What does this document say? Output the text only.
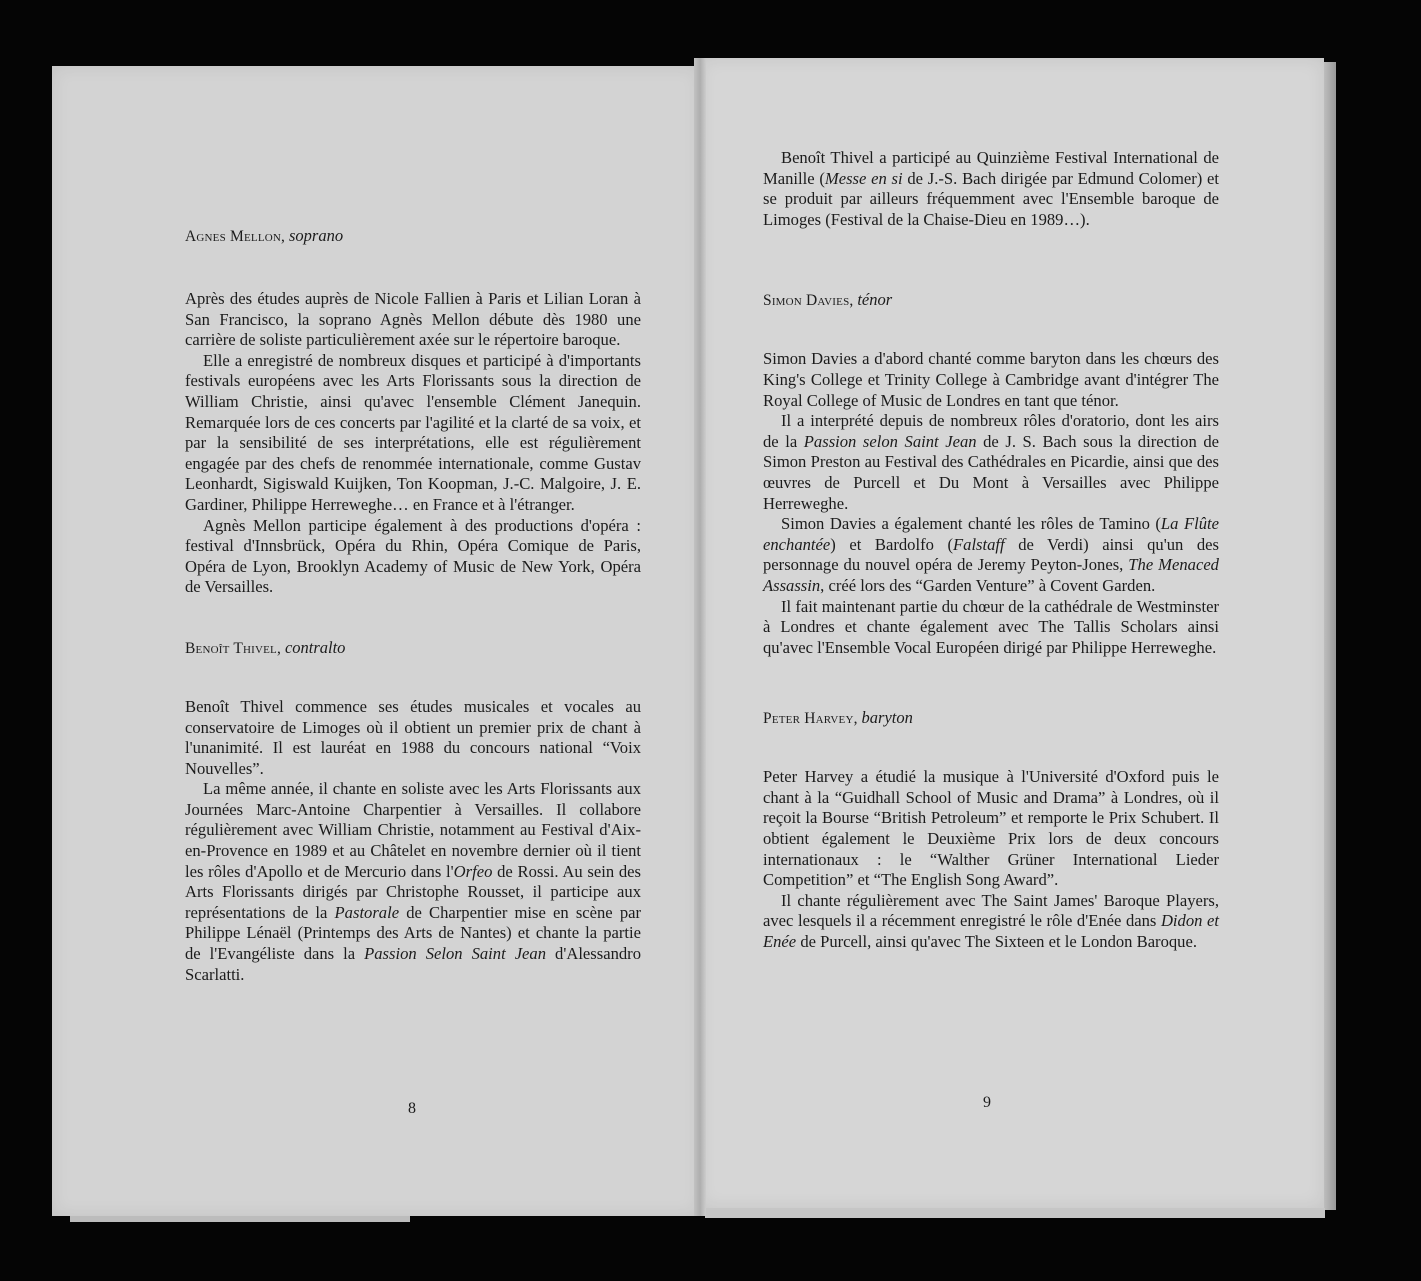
Agnes Mellon, soprano

Après des études auprès de Nicole Fallien à Paris et Lilian Loran à San Francisco, la soprano Agnès Mellon débute dès 1980 une carrière de soliste particulièrement axée sur le répertoire baroque.

Elle a enregistré de nombreux disques et participé à d'importants festivals européens avec les Arts Florissants sous la direction de William Christie, ainsi qu'avec l'ensemble Clément Janequin. Remarquée lors de ces concerts par l'agilité et la clarté de sa voix, et par la sensibilité de ses interprétations, elle est régulièrement engagée par des chefs de renommée internationale, comme Gustav Leonhardt, Sigiswald Kuijken, Ton Koopman, J.-C. Malgoire, J. E. Gardiner, Philippe Herreweghe… en France et à l'étranger.

Agnès Mellon participe également à des productions d'opéra : festival d'Innsbrück, Opéra du Rhin, Opéra Comique de Paris, Opéra de Lyon, Brooklyn Academy of Music de New York, Opéra de Versailles.

Benoît Thivel, contralto

Benoît Thivel commence ses études musicales et vocales au conservatoire de Limoges où il obtient un premier prix de chant à l'unanimité. Il est lauréat en 1988 du concours national “Voix Nouvelles”.

La même année, il chante en soliste avec les Arts Florissants aux Journées Marc-Antoine Charpentier à Versailles. Il collabore régulièrement avec William Christie, notamment au Festival d'Aix-en-Provence en 1989 et au Châtelet en novembre dernier où il tient les rôles d'Apollo et de Mercurio dans l'Orfeo de Rossi. Au sein des Arts Florissants dirigés par Christophe Rousset, il participe aux représentations de la Pastorale de Charpentier mise en scène par Philippe Lénaël (Printemps des Arts de Nantes) et chante la partie de l'Evangéliste dans la Passion Selon Saint Jean d'Alessandro Scarlatti.

8

Benoît Thivel a participé au Quinzième Festival International de Manille (Messe en si de J.-S. Bach dirigée par Edmund Colomer) et se produit par ailleurs fréquemment avec l'Ensemble baroque de Limoges (Festival de la Chaise-Dieu en 1989…).

Simon Davies, ténor

Simon Davies a d'abord chanté comme baryton dans les chœurs des King's College et Trinity College à Cambridge avant d'intégrer The Royal College of Music de Londres en tant que ténor.

Il a interprété depuis de nombreux rôles d'oratorio, dont les airs de la Passion selon Saint Jean de J. S. Bach sous la direction de Simon Preston au Festival des Cathédrales en Picardie, ainsi que des œuvres de Purcell et Du Mont à Versailles avec Philippe Herreweghe.

Simon Davies a également chanté les rôles de Tamino (La Flûte enchantée) et Bardolfo (Falstaff de Verdi) ainsi qu'un des personnage du nouvel opéra de Jeremy Peyton-Jones, The Menaced Assassin, créé lors des “Garden Venture” à Covent Garden.

Il fait maintenant partie du chœur de la cathédrale de Westminster à Londres et chante également avec The Tallis Scholars ainsi qu'avec l'Ensemble Vocal Européen dirigé par Philippe Herreweghe.

Peter Harvey, baryton

Peter Harvey a étudié la musique à l'Université d'Oxford puis le chant à la “Guidhall School of Music and Drama” à Londres, où il reçoit la Bourse “British Petroleum” et remporte le Prix Schubert. Il obtient également le Deuxième Prix lors de deux concours internationaux : le “Walther Grüner International Lieder Competition” et “The English Song Award”.

Il chante régulièrement avec The Saint James' Baroque Players, avec lesquels il a récemment enregistré le rôle d'Enée dans Didon et Enée de Purcell, ainsi qu'avec The Sixteen et le London Baroque.

9
